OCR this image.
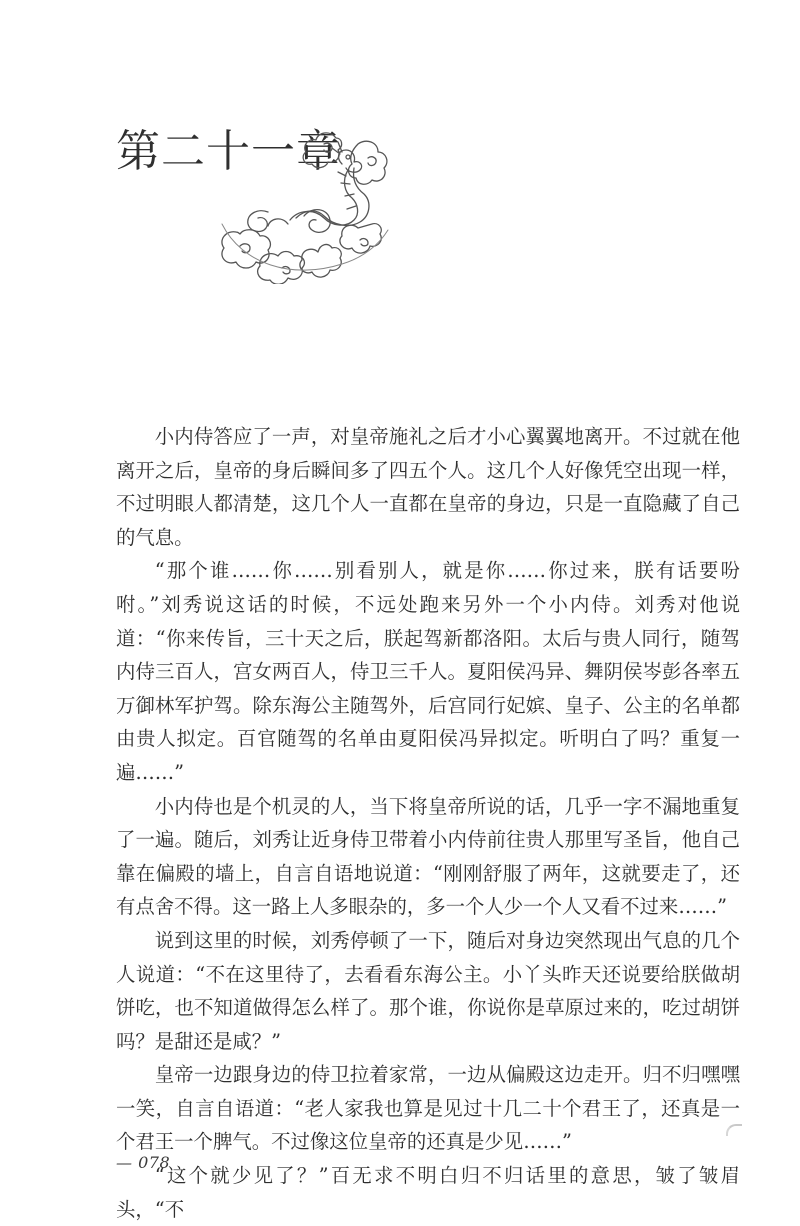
第二十一章

小内侍答应了一声，对皇帝施礼之后才小心翼翼地离开。不过就在他离开之后，皇帝的身后瞬间多了四五个人。这几个人好像凭空出现一样，不过明眼人都清楚，这几个人一直都在皇帝的身边，只是一直隐藏了自己的气息。

“那个谁……你……别看别人，就是你……你过来，朕有话要吩咐。”刘秀说这话的时候，不远处跑来另外一个小内侍。刘秀对他说道：“你来传旨，三十天之后，朕起驾新都洛阳。太后与贵人同行，随驾内侍三百人，宫女两百人，侍卫三千人。夏阳侯冯异、舞阴侯岑彭各率五万御林军护驾。除东海公主随驾外，后宫同行妃嫔、皇子、公主的名单都由贵人拟定。百官随驾的名单由夏阳侯冯异拟定。听明白了吗？重复一遍……”

小内侍也是个机灵的人，当下将皇帝所说的话，几乎一字不漏地重复了一遍。随后，刘秀让近身侍卫带着小内侍前往贵人那里写圣旨，他自己靠在偏殿的墙上，自言自语地说道：“刚刚舒服了两年，这就要走了，还有点舍不得。这一路上人多眼杂的，多一个人少一个人又看不过来……”

说到这里的时候，刘秀停顿了一下，随后对身边突然现出气息的几个人说道：“不在这里待了，去看看东海公主。小丫头昨天还说要给朕做胡饼吃，也不知道做得怎么样了。那个谁，你说你是草原过来的，吃过胡饼吗？是甜还是咸？”

皇帝一边跟身边的侍卫拉着家常，一边从偏殿这边走开。归不归嘿嘿一笑，自言自语道：“老人家我也算是见过十几二十个君王了，还真是一个君王一个脾气。不过像这位皇帝的还真是少见……”

“这个就少见了？”百无求不明白归不归话里的意思，皱了皱眉头，“不

— 078
